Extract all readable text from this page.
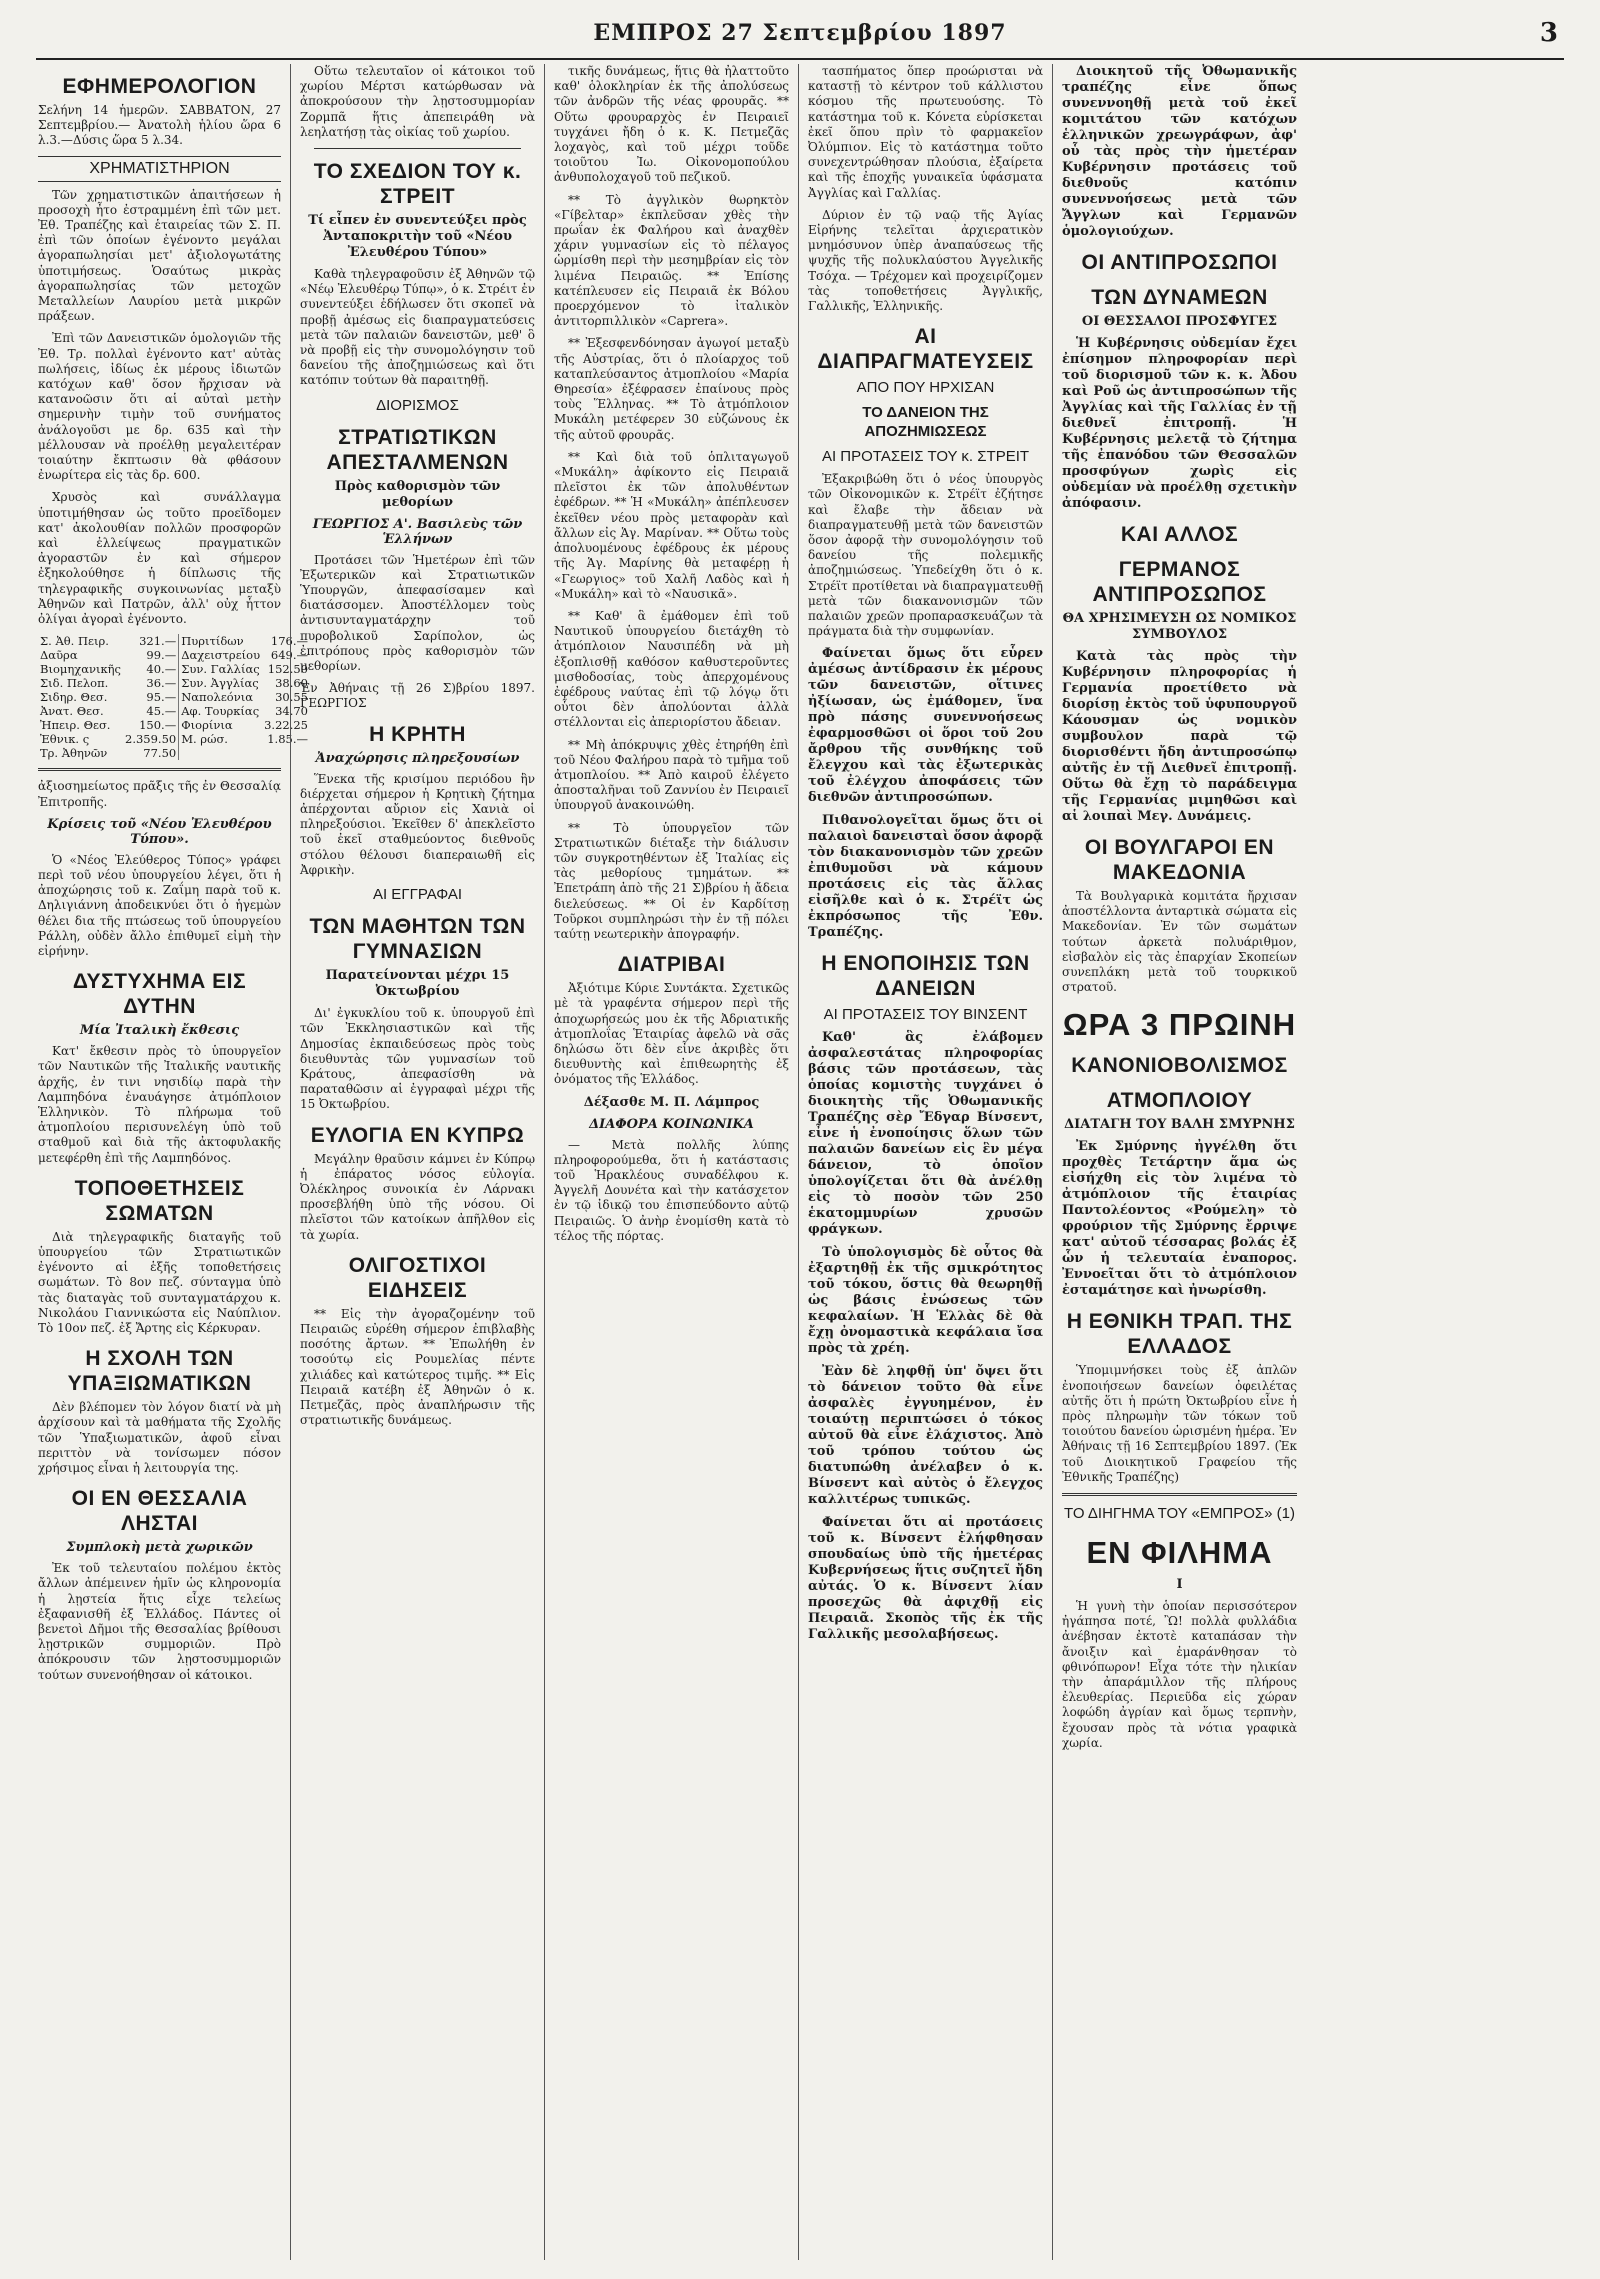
ΕΜΠΡΟΣ 27 Σεπτεμβρίου 1897	3
ΕΦΗΜΕΡΟΛΟΓΙΟΝ

Σελήνη 14 ἡμερῶν. ΣΑΒΒΑΤΟΝ, 27 Σεπτεμβρίου.— Ἀνατολὴ ἡλίου ὥρα 6 λ.3.—Δύσις ὥρα 5 λ.34.

ΧΡΗΜΑΤΙΣΤΗΡΙΟΝ

Τῶν χρηματιστικῶν ἀπαιτήσεων ἡ προσοχὴ ἦτο ἐστραμμένη ἐπὶ τῶν μετ. Ἐθ. Τραπέζης καὶ ἑταιρείας τῶν Σ. Π. ἐπὶ τῶν ὁποίων ἐγένοντο μεγάλαι ἀγοραπωλησίαι μετ' ἀξιολογωτάτης ὑποτιμήσεως. Ὁσαύτως μικρὰς ἀγοραπωλησίας τῶν μετοχῶν Μεταλλείων Λαυρίου μετὰ μικρῶν πράξεων.

Ἐπὶ τῶν Δανειστικῶν ὁμολογιῶν τῆς Ἐθ. Τρ. πολλαὶ ἐγένοντο κατ' αὐτὰς πωλήσεις, ἰδίως ἐκ μέρους ἰδιωτῶν κατόχων καθ' ὅσον ἤρχισαν νὰ κατανοῶσιν ὅτι αἱ αὐταὶ μετὴν σημερινὴν τιμὴν τοῦ συνήματος ἀνάλογοῦσι με δρ. 635 καὶ τὴν μέλλουσαν νὰ προέλθῃ μεγαλειτέραν τοιαύτην ἔκπτωσιν θὰ φθάσουν ἐνωρίτερα εἰς τὰς δρ. 600.

Χρυσὸς καὶ συνάλλαγμα ὑποτιμήθησαν ὡς τοῦτο προεῖδομεν κατ' ἀκολουθίαν πολλῶν προσφορῶν καὶ ἐλλείψεως πραγματικῶν ἀγοραστῶν ἐν καὶ σήμερον ἐξηκολούθησε ἡ δίπλωσις τῆς τηλεγραφικῆς συγκοινωνίας μεταξὺ Ἀθηνῶν καὶ Πατρῶν, ἀλλ' οὐχ ἧττον ὀλίγαι ἀγοραὶ ἐγένοντο.

Σ. Ἀθ. Πειρ.	321.—	Πυριτίδων	176.—
Δαῦρα	99.—	Δαχειστρείου	649.—
Βιομηχανικῆς	40.—	Συν. Γαλλίας	152.50
Σιδ. Πελοπ.	36.—	Συν. Ἀγγλίας	38.60
Σιδηρ. Θεσ.	95.—	Ναπολεόνια	30.55
Ἀνατ. Θεσ.	45.—	Αφ. Τουρκίας	34.70
Ἠπειρ. Θεσ.	150.—	Φιορίνια	3.22.25
Ἐθνικ. ς	2.359.50	Μ. ρώσ.	1.85.—
Τρ. Ἀθηνῶν	77.50		

ἀξιοσημείωτος πρᾶξις τῆς ἐν Θεσσαλίᾳ Ἐπιτροπῆς.

Κρίσεις τοῦ «Νέου Ἐλευθέρου Τύπου».

Ὁ «Νέος Ἐλεύθερος Τύπος» γράφει περὶ τοῦ νέου ὑπουργείου λέγει, ὅτι ἡ ἀποχώρησις τοῦ κ. Ζαΐμη παρὰ τοῦ κ. Δηλιγιάννη ἀποδεικνύει ὅτι ὁ ἡγεμὼν θέλει δια τῆς πτώσεως τοῦ ὑπουργείου Ράλλη, οὐδὲν ἄλλο ἐπιθυμεῖ εἰμὴ τὴν εἰρήνην.

ΔΥΣΤΥΧΗΜΑ ΕΙΣ ΔΥΤΗΝ
Μία Ἰταλικὴ ἔκθεσις

Κατ' ἔκθεσιν πρὸς τὸ ὑπουργεῖον τῶν Ναυτικῶν τῆς Ἰταλικῆς ναυτικῆς ἀρχῆς, ἐν τινι νησιδίῳ παρὰ τὴν Λαμπηδόνα ἐναυάγησε ἀτμόπλοιον Ἑλληνικὸν. Τὸ πλήρωμα τοῦ ἀτμοπλοίου περισυνελέγη ὑπὸ τοῦ σταθμοῦ καὶ διὰ τῆς ἀκτοφυλακῆς μετεφέρθη ἐπὶ τῆς Λαμπηδόνος.

ΤΟΠΟΘΕΤΗΣΕΙΣ ΣΩΜΑΤΩΝ

Διὰ τηλεγραφικῆς διαταγῆς τοῦ ὑπουργείου τῶν Στρατιωτικῶν ἐγένοντο αἱ ἑξῆς τοποθετήσεις σωμάτων. Τὸ 8ον πεζ. σύνταγμα ὑπὸ τὰς διαταγὰς τοῦ συνταγματάρχου κ. Νικολάου Γιαννικώστα εἰς Ναύπλιον. Τὸ 10ον πεζ. ἐξ Ἄρτης εἰς Κέρκυραν.

Η ΣΧΟΛΗ ΤΩΝ ΥΠΑΞΙΩΜΑΤΙΚΩΝ

Δὲν βλέπομεν τὸν λόγον διατί νὰ μὴ ἀρχίσουν καὶ τὰ μαθήματα τῆς Σχολῆς τῶν Ὑπαξιωματικῶν, ἀφοῦ εἶναι περιττὸν νὰ τονίσωμεν πόσον χρήσιμος εἶναι ἡ λειτουργία της.

ΟΙ ΕΝ ΘΕΣΣΑΛΙΑ ΛΗΣΤΑΙ
Συμπλοκὴ μετὰ χωρικῶν

Ἐκ τοῦ τελευταίου πολέμου ἐκτὸς ἄλλων ἀπέμεινεν ἡμῖν ὡς κληρονομία ἡ λῃστεία ἥτις εἶχε τελείως ἐξαφανισθῆ ἐξ Ἑλλάδος. Πάντες οἱ βενετοὶ Δῆμοι τῆς Θεσσαλίας βρίθουσι λῃστρικῶν συμμοριῶν. Πρὸ ἀπόκρουσιν τῶν λῃστοσυμμοριῶν τούτων συνενοήθησαν οἱ κάτοικοι.

Οὕτω τελευταῖον οἱ κάτοικοι τοῦ χωρίου Μέρτσι κατώρθωσαν νὰ ἀποκρούσουν τὴν λῃστοσυμμορίαν Ζορμπᾶ ἥτις ἀπεπειράθη νὰ λεηλατήσῃ τὰς οἰκίας τοῦ χωρίου.

ΤΟ ΣΧΕΔΙΟΝ ΤΟΥ κ. ΣΤΡΕΙΤ
Τί εἶπεν ἐν συνεντεύξει πρὸς Ἀνταποκριτὴν τοῦ «Νέου Ἐλευθέρου Τύπου»

Καθὰ τηλεγραφοῦσιν ἐξ Ἀθηνῶν τῷ «Νέῳ Ἐλευθέρῳ Τύπῳ», ὁ κ. Στρέιτ ἐν συνεντεύξει ἐδήλωσεν ὅτι σκοπεῖ νὰ προβῇ ἀμέσως εἰς διαπραγματεύσεις μετὰ τῶν παλαιῶν δανειστῶν, μεθ' ὃ νὰ προβῇ εἰς τὴν συνομολόγησιν τοῦ δανείου τῆς ἀποζημιώσεως καὶ ὅτι κατόπιν τούτων θὰ παραιτηθῇ.

ΔΙΟΡΙΣΜΟΣ
ΣΤΡΑΤΙΩΤΙΚΩΝ ΑΠΕΣΤΑΛΜΕΝΩΝ
Πρὸς καθορισμὸν τῶν μεθορίων
ΓΕΩΡΓΙΟΣ Α'. Βασιλεὺς τῶν Ἑλλήνων

Προτάσει τῶν Ἡμετέρων ἐπὶ τῶν Ἐξωτερικῶν καὶ Στρατιωτικῶν Ὑπουργῶν, ἀπεφασίσαμεν καὶ διατάσσομεν. Ἀποστέλλομεν τοὺς ἀντισυνταγματάρχην τοῦ πυροβολικοῦ Σαρίπολον, ὡς ἐπιτρόπους πρὸς καθορισμὸν τῶν μεθορίων.

Ἐν Ἀθήναις τῇ 26 Σ)βρίου 1897. ΓΕΩΡΓΙΟΣ

Η ΚΡΗΤΗ
Ἀναχώρησις πληρεξουσίων

Ἕνεκα τῆς κρισίμου περιόδου ἣν διέρχεται σήμερον ἡ Κρητικὴ ζήτημα ἀπέρχονται αὔριον εἰς Χανιὰ οἱ πληρεξούσιοι. Ἐκεῖθεν δ' ἀπεκλεῖστο τοῦ ἐκεῖ σταθμεύοντος διεθνοῦς στόλου θέλουσι διαπεραιωθῆ εἰς Ἀφρικὴν.

ΑΙ ΕΓΓΡΑΦΑΙ
ΤΩΝ ΜΑΘΗΤΩΝ ΤΩΝ ΓΥΜΝΑΣΙΩΝ
Παρατείνονται μέχρι 15 Ὀκτωβρίου

Δι' ἐγκυκλίου τοῦ κ. ὑπουργοῦ ἐπὶ τῶν Ἐκκλησιαστικῶν καὶ τῆς Δημοσίας ἐκπαιδεύσεως πρὸς τοὺς διευθυντὰς τῶν γυμνασίων τοῦ Κράτους, ἀπεφασίσθη νὰ παραταθῶσιν αἱ ἐγγραφαὶ μέχρι τῆς 15 Ὀκτωβρίου.

ΕΥΛΟΓΙΑ ΕΝ ΚΥΠΡΩ

Μεγάλην θραῦσιν κάμνει ἐν Κύπρῳ ἡ ἐπάρατος νόσος εὐλογία. Ὀλέκληρος συνοικία ἐν Λάρνακι προσεβλήθη ὑπὸ τῆς νόσου. Οἱ πλεῖστοι τῶν κατοίκων ἀπῆλθον εἰς τὰ χωρία.

ΟΛΙΓΟΣΤΙΧΟΙ ΕΙΔΗΣΕΙΣ

** Εἰς τὴν ἀγοραζομένην τοῦ Πειραιῶς εὐρέθη σήμερον ἐπιβλαβὴς ποσότης ἄρτων. ** Ἐπωλήθη ἐν τοσούτῳ εἰς Ρουμελίας πέντε χιλιάδες καὶ κατώτερος τιμῆς. ** Εἰς Πειραιᾶ κατέβη ἐξ Ἀθηνῶν ὁ κ. Πετμεζᾶς, πρὸς ἀναπλήρωσιν τῆς στρατιωτικῆς δυνάμεως.

τικῆς δυνάμεως, ἥτις θὰ ἠλαττοῦτο καθ' ὁλοκληρίαν ἐκ τῆς ἀπολύσεως τῶν ἀνδρῶν τῆς νέας φρουρᾶς. ** Οὕτω φρουραρχὸς ἐν Πειραιεῖ τυγχάνει ἤδη ὁ κ. Κ. Πετμεζᾶς λοχαγὸς, καὶ τοῦ μέχρι τοῦδε τοιοῦτου Ἰω. Οἰκονομοπούλου ἀνθυπολοχαγοῦ τοῦ πεζικοῦ.

** Τὸ ἀγγλικὸν θωρηκτὸν «Γίβελταρ» ἐκπλεῦσαν χθὲς τὴν πρωΐαν ἐκ Φαλήρου καὶ ἀναχθὲν χάριν γυμνασίων εἰς τὸ πέλαγος ὡρμίσθη περὶ τὴν μεσημβρίαν εἰς τὸν λιμένα Πειραιῶς. ** Ἐπίσης κατέπλευσεν εἰς Πειραιᾶ ἐκ Βόλου προερχόμενον τὸ ἰταλικὸν ἀντιτορπιλλικὸν «Caprera».

** Ἐξεσφενδόνησαν ἀγωγοί μεταξὺ τῆς Αὐστρίας, ὅτι ὁ πλοίαρχος τοῦ καταπλεύσαντος ἀτμοπλοίου «Μαρία Θηρεσία» ἐξέφρασεν ἐπαίνους πρὸς τοὺς Ἕλληνας. ** Τὸ ἀτμόπλοιον Μυκάλη μετέφερεν 30 εὐζώνους ἐκ τῆς αὐτοῦ φρουρᾶς.

** Καὶ διὰ τοῦ ὁπλιταγωγοῦ «Μυκάλη» ἀφίκοντο εἰς Πειραιᾶ πλεῖστοι ἐκ τῶν ἀπολυθέντων ἐφέδρων. ** Ἡ «Μυκάλη» ἀπέπλευσεν ἐκεῖθεν νέου πρὸς μεταφορὰν καὶ ἄλλων εἰς Ἁγ. Μαρίναν. ** Οὕτω τοὺς ἀπολυομένους ἐφέδρους ἐκ μέρους τῆς Ἁγ. Μαρίνης θὰ μεταφέρῃ ἡ «Γεωργιος» τοῦ Χαλῆ Λαδὸς καὶ ἡ «Μυκάλη» καὶ τὸ «Ναυσικᾶ».

** Καθ' ἃ ἐμάθομεν ἐπὶ τοῦ Ναυτικοῦ ὑπουργείου διετάχθη τὸ ἀτμόπλοιον Ναυσιπέδη νὰ μὴ ἐξοπλισθῇ καθόσον καθυστεροῦντες μισθοδοσίας, τοὺς ἀπερχομένους ἐφέδρους ναύτας ἐπὶ τῷ λόγῳ ὅτι οὗτοι δὲν ἀπολύονται ἀλλὰ στέλλονται εἰς ἀπεριορίστου ἄδειαν.

** Μὴ ἀπόκρυψις χθὲς ἐτηρήθη ἐπὶ τοῦ Νέου Φαλήρου παρὰ τὸ τμῆμα τοῦ ἀτμοπλοίου. ** Ἀπὸ καιροῦ ἐλέγετο ἀποσταλῆναι τοῦ Ζαννίου ἐν Πειραιεῖ ὑπουργοῦ ἀνακοινώθη.

** Τὸ ὑπουργεῖον τῶν Στρατιωτικῶν διέταξε τὴν διάλυσιν τῶν συγκροτηθέντων ἐξ Ἰταλίας εἰς τὰς μεθορίους τμημάτων. ** Ἐπετράπη ἀπὸ τῆς 21 Σ)βρίου ἡ ἄδεια διελεύσεως. ** Οἱ ἐν Καρδίτσῃ Τοῦρκοι συμπληρώσι τὴν ἐν τῇ πόλει ταύτῃ νεωτερικὴν ἀπογραφήν.

ΔΙΑΤΡΙΒΑΙ

Ἀξιότιμε Κύριε Συντάκτα. Σχετικῶς μὲ τὰ γραφέντα σήμερον περὶ τῆς ἀποχωρήσεώς μου ἐκ τῆς Ἀδριατικῆς ἀτμοπλοΐας Ἑταιρίας ἀφελῶ νὰ σᾶς δηλώσω ὅτι δὲν εἶνε ἀκριβὲς ὅτι διευθυντὴς καὶ ἐπιθεωρητὴς ἐξ ὀνόματος τῆς Ἑλλάδος.

Δέξασθε Μ. Π. Λάμπρος
ΔΙΑΦΟΡΑ ΚΟΙΝΩΝΙΚΑ

— Μετὰ πολλῆς λύπης πληροφορούμεθα, ὅτι ἡ κατάστασις τοῦ Ἡρακλέους συναδέλφου κ. Ἀγγελῆ Δουνέτα καὶ τὴν κατάσχετον ἐν τῷ ἰδικῷ του ἐπισπεύδοντο αὐτῷ Πειραιῶς. Ὁ ἀνὴρ ἐνομίσθη κατὰ τὸ τέλος τῆς πόρτας.

τασπήματος ὅπερ προώρισται νὰ καταστῇ τὸ κέντρον τοῦ κάλλιστου κόσμου τῆς πρωτευούσης. Τὸ κατάστημα τοῦ κ. Κόνετα εὑρίσκεται ἐκεῖ ὅπου πρὶν τὸ φαρμακεῖον Ὀλύμπιον. Εἰς τὸ κατάστημα τοῦτο συνεχεντρώθησαν πλούσια, ἐξαίρετα καὶ τῆς ἐποχῆς γυναικεῖα ὑφάσματα Ἀγγλίας καὶ Γαλλίας.

Δύριον ἐν τῷ ναῷ τῆς Ἁγίας Εἰρήνης τελεῖται ἀρχιερατικὸν μνημόσυνον ὑπὲρ ἀναπαύσεως τῆς ψυχῆς τῆς πολυκλαύστου Ἀγγελικῆς Τσόχα. — Τρέχομεν καὶ προχειρίζομεν τὰς τοποθετήσεις Ἀγγλικῆς, Γαλλικῆς, Ἑλληνικῆς.

ΑΙ ΔΙΑΠΡΑΓΜΑΤΕΥΣΕΙΣ
ΑΠΟ ΠΟΥ ΗΡΧΙΣΑΝ
ΤΟ ΔΑΝΕΙΟΝ ΤΗΣ ΑΠΟΖΗΜΙΩΣΕΩΣ
ΑΙ ΠΡΟΤΑΣΕΙΣ ΤΟΥ κ. ΣΤΡΕΙΤ

Ἐξακριβώθη ὅτι ὁ νέος ὑπουργὸς τῶν Οἰκονομικῶν κ. Στρέϊτ ἐζήτησε καὶ ἔλαβε τὴν ἄδειαν νὰ διαπραγματευθῇ μετὰ τῶν δανειστῶν ὅσον ἀφορᾷ τὴν συνομολόγησιν τοῦ δανείου τῆς πολεμικῆς ἀποζημιώσεως. Ὑπεδείχθη ὅτι ὁ κ. Στρέϊτ προτίθεται νὰ διαπραγματευθῇ μετὰ τῶν διακανονισμῶν τῶν παλαιῶν χρεῶν προπαρασκευάζων τὰ πράγματα διὰ τὴν συμφωνίαν.

Φαίνεται ὅμως ὅτι εὗρεν ἀμέσως ἀντίδρασιν ἐκ μέρους τῶν δανειστῶν, οἵτινες ἠξίωσαν, ὡς ἐμάθομεν, ἵνα πρὸ πάσης συνεννοήσεως ἐφαρμοσθῶσι οἱ ὅροι τοῦ 2ου ἄρθρου τῆς συνθήκης τοῦ ἔλεγχου καὶ τὰς ἐξωτερικὰς τοῦ ἐλέγχου ἀποφάσεις τῶν διεθνῶν ἀντιπροσώπων.

Πιθανολογεῖται ὅμως ὅτι οἱ παλαιοὶ δανεισταὶ ὅσον ἀφορᾷ τὸν διακανονισμὸν τῶν χρεῶν ἐπιθυμοῦσι νὰ κάμουν προτάσεις εἰς τὰς ἄλλας εἰσῆλθε καὶ ὁ κ. Στρέϊτ ὡς ἐκπρόσωπος τῆς Ἐθν. Τραπέζης.

Η ΕΝΟΠΟΙΗΣΙΣ ΤΩΝ ΔΑΝΕΙΩΝ
ΑΙ ΠΡΟΤΑΣΕΙΣ ΤΟΥ ΒΙΝΣΕΝΤ

Καθ' ἃς ἐλάβομεν ἀσφαλεστάτας πληροφορίας βάσις τῶν προτάσεων, τὰς ὁποίας κομιστὴς τυγχάνει ὁ διοικητὴς τῆς Ὀθωμανικῆς Τραπέζης σὲρ Ἔδγαρ Βίνσεντ, εἶνε ἡ ἐνοποίησις ὅλων τῶν παλαιῶν δανείων εἰς ἓν μέγα δάνειον, τὸ ὁποῖον ὑπολογίζεται ὅτι θὰ ἀνέλθῃ εἰς τὸ ποσὸν τῶν 250 ἑκατομμυρίων χρυσῶν φράγκων.

Τὸ ὑπολογισμὸς δὲ οὗτος θὰ ἐξαρτηθῇ ἐκ τῆς σμικρότητος τοῦ τόκου, ὅστις θὰ θεωρηθῇ ὡς βάσις ἐνώσεως τῶν κεφαλαίων. Ἡ Ἑλλὰς δὲ θὰ ἔχῃ ὀνομαστικὰ κεφάλαια ἴσα πρὸς τὰ χρέη.

Ἐὰν δὲ ληφθῇ ὑπ' ὄψει ὅτι τὸ δάνειον τοῦτο θὰ εἶνε ἀσφαλὲς ἐγγυημένον, ἐν τοιαύτῃ περιπτώσει ὁ τόκος αὐτοῦ θὰ εἶνε ἐλάχιστος. Ἀπὸ τοῦ τρόπου τούτου ὡς διατυπώθη ἀνέλαβεν ὁ κ. Βίνσεντ καὶ αὐτὸς ὁ ἔλεγχος καλλιτέρως τυπικῶς.

Φαίνεται ὅτι αἱ προτάσεις τοῦ κ. Βίνσεντ ἐλήφθησαν σπουδαίως ὑπὸ τῆς ἡμετέρας Κυβερνήσεως ἥτις συζητεῖ ἤδη αὐτάς. Ὁ κ. Βίνσεντ λίαν προσεχῶς θὰ ἀφιχθῇ εἰς Πειραιᾶ. Σκοπὸς τῆς ἐκ τῆς Γαλλικῆς μεσολαβήσεως.

Διοικητοῦ τῆς Ὀθωμανικῆς τραπέζης εἶνε ὅπως συνεννοηθῇ μετὰ τοῦ ἐκεῖ κομιτάτου τῶν κατόχων ἑλληνικῶν χρεωγράφων, ἀφ' οὗ τὰς πρὸς τὴν ἡμετέραν Κυβέρνησιν προτάσεις τοῦ διεθνοῦς κατόπιν συνεννοήσεως μετὰ τῶν Ἄγγλων καὶ Γερμανῶν ὁμολογιούχων.

ΟΙ ΑΝΤΙΠΡΟΣΩΠΟΙ
ΤΩΝ ΔΥΝΑΜΕΩΝ
ΟΙ ΘΕΣΣΑΛΟΙ ΠΡΟΣΦΥΓΕΣ

Ἡ Κυβέρνησις οὐδεμίαν ἔχει ἐπίσημον πληροφορίαν περὶ τοῦ διορισμοῦ τῶν κ. κ. Ἀδου καὶ Ροῦ ὡς ἀντιπροσώπων τῆς Ἀγγλίας καὶ τῆς Γαλλίας ἐν τῇ διεθνεῖ ἐπιτροπῇ. Ἡ Κυβέρνησις μελετᾷ τὸ ζήτημα τῆς ἐπανόδου τῶν Θεσσαλῶν προσφύγων χωρὶς εἰς οὐδεμίαν νὰ προέλθῃ σχετικὴν ἀπόφασιν.

ΚΑΙ ΑΛΛΟΣ
ΓΕΡΜΑΝΟΣ ΑΝΤΙΠΡΟΣΩΠΟΣ
ΘΑ ΧΡΗΣΙΜΕΥΣΗ ΩΣ ΝΟΜΙΚΟΣ ΣΥΜΒΟΥΛΟΣ

Κατὰ τὰς πρὸς τὴν Κυβέρνησιν πληροφορίας ἡ Γερμανία προετίθετο νὰ διορίσῃ ἐκτὸς τοῦ ὑφυπουργοῦ Κάουσμαν ὡς νομικὸν συμβουλον παρὰ τῷ διορισθέντι ἤδη ἀντιπροσώπῳ αὐτῆς ἐν τῇ Διεθνεῖ ἐπιτροπῇ. Οὕτω θὰ ἔχῃ τὸ παράδειγμα τῆς Γερμανίας μιμηθῶσι καὶ αἱ λοιπαὶ Μεγ. Δυνάμεις.

ΟΙ ΒΟΥΛΓΑΡΟΙ ΕΝ ΜΑΚΕΔΟΝΙΑ

Τὰ Βουλγαρικὰ κομιτάτα ἤρχισαν ἀποστέλλοντα ἀνταρτικὰ σώματα εἰς Μακεδονίαν. Ἐν τῶν σωμάτων τούτων ἀρκετὰ πολυάριθμον, εἰσβαλὸν εἰς τὰς ἐπαρχίαν Σκοπείων συνεπλάκη μετὰ τοῦ τουρκικοῦ στρατοῦ.

ΩΡΑ 3 ΠΡΩΙΝΗ
ΚΑΝΟΝΙΟΒΟΛΙΣΜΟΣ
ΑΤΜΟΠΛΟΙΟΥ
ΔΙΑΤΑΓΗ ΤΟΥ ΒΑΛΗ ΣΜΥΡΝΗΣ

Ἐκ Σμύρνης ἠγγέλθη ὅτι προχθὲς Τετάρτην ἅμα ὡς εἰσήχθη εἰς τὸν λιμένα τὸ ἀτμόπλοιον τῆς ἑταιρίας Παντολέοντος «Ρούμελη» τὸ φρούριον τῆς Σμύρνης ἔρριψε κατ' αὐτοῦ τέσσαρας βολάς ἐξ ὧν ἡ τελευταία ἐναπορος. Ἐννοεῖται ὅτι τὸ ἀτμόπλοιον ἐσταμάτησε καὶ ἠνωρίσθη.

Η ΕΘΝΙΚΗ ΤΡΑΠ. ΤΗΣ ΕΛΛΑΔΟΣ

Ὑπομιμνήσκει τοὺς ἐξ ἀπλῶν ἐνοποιήσεων δανείων ὀφειλέτας αὐτῆς ὅτι ἡ πρώτη Ὀκτωβρίου εἶνε ἡ πρὸς πληρωμὴν τῶν τόκων τοῦ τοιούτου δανείου ὡρισμένη ἡμέρα. Ἐν Ἀθήναις τῇ 16 Σεπτεμβρίου 1897. (Ἐκ τοῦ Διοικητικοῦ Γραφείου τῆς Ἐθνικῆς Τραπέζης)

ΤΟ ΔΙΗΓΗΜΑ ΤΟΥ «ΕΜΠΡΟΣ» (1)
ΕΝ ΦΙΛΗΜΑ
Ι

Ἡ γυνὴ τὴν ὁποίαν περισσότερον ἠγάπησα ποτέ, Ὢ! πολλὰ φυλλάδια ἀνέβησαν ἐκτοτὲ καταπάσαν τὴν ἄνοιξιν καὶ ἐμαράνθησαν τὸ φθινόπωρον! Εἶχα τότε τὴν ηλικίαν τὴν ἀπαράμιλλον τῆς πλήρους ἐλευθερίας. Περιεῦδα εἰς χώραν λοφώδη ἀγρίαν καὶ ὅμως τερπνὴν, ἔχουσαν πρὸς τὰ νότια γραφικὰ χωρία.
